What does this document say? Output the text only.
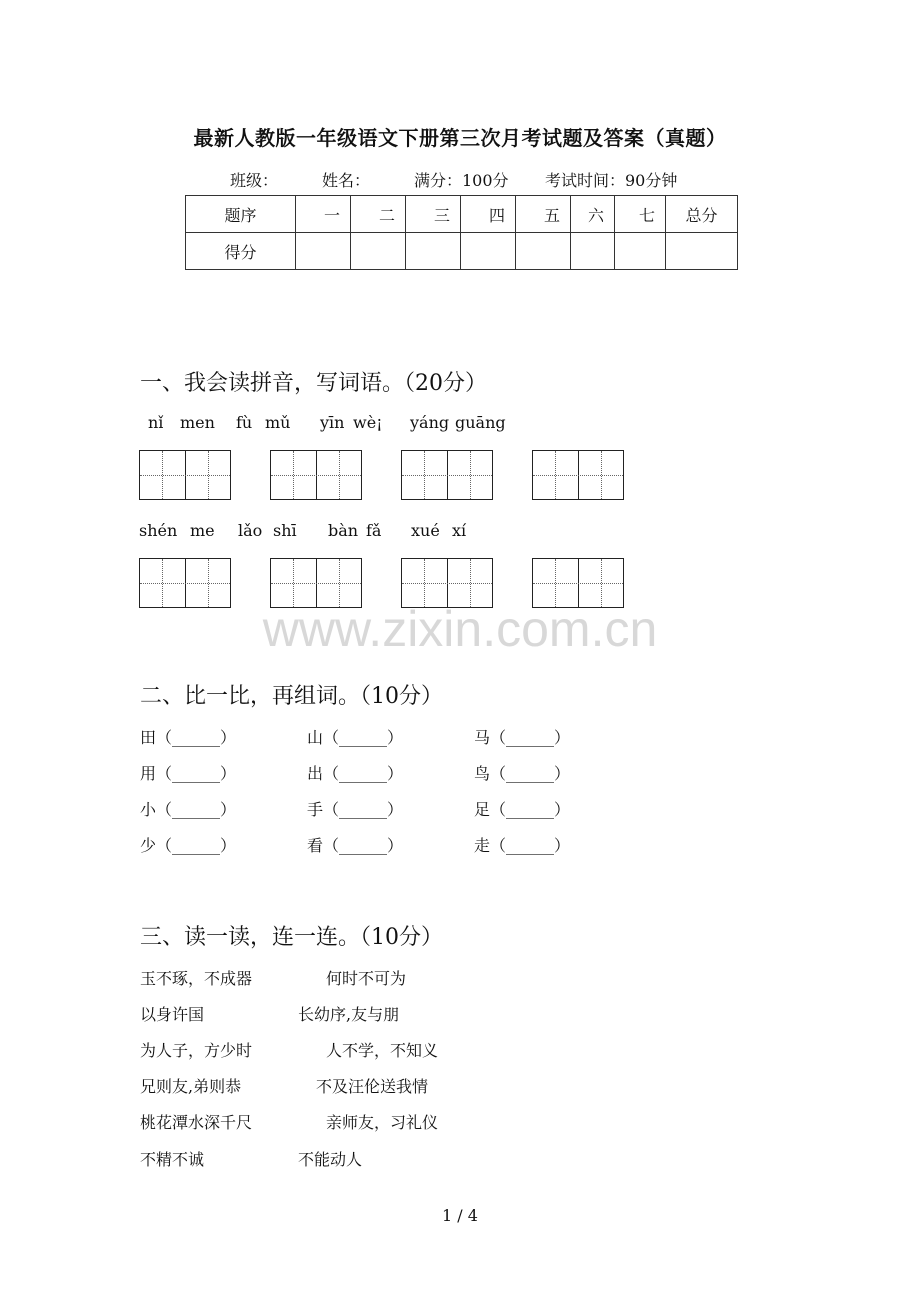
最新人教版一年级语文下册第三次月考试题及答案（真题）
班级：	姓名：	满分：100分 考试时间：90分钟
题序	一	二	三	四	五	六	七	总分
得分								
一、我会读拼音，写词语。（20分）
nǐ men fù mǔ yīn wè¡ yáng guāng
shén me lǎo shī bàn fǎ xué xí
www.zixin.com.cn
二、比一比，再组词。（10分）
田（______）	山（______）	马（______）
用（______）	出（______）	鸟（______）
小（______）	手（______）	足（______）
少（______）	看（______）	走（______）
三、读一读，连一连。（10分）
玉不琢，不成器	何时不可为
以身许国	长幼序,友与朋
为人子，方少时	人不学，不知义
兄则友,弟则恭	不及汪伦送我情
桃花潭水深千尺	亲师友，习礼仪
不精不诚	不能动人
1 / 4
